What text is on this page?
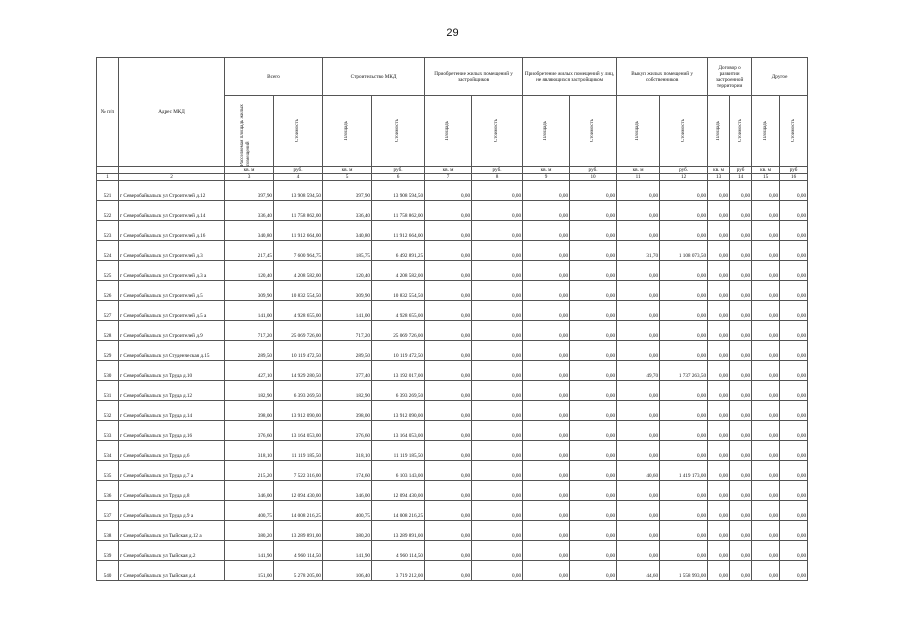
29
№ п/п	Адрес МКД	Всего		Строительство МКД		Приобретение жилых помещений у застройщиков		Приобретение жилых помещений у лиц, не являющихся застройщиком		Выкуп жилых помещений у собственников		Договор о развитии застроенной территории		Другое	

		Расселяемая площадь жилых помещений	Стоимость	Площадь	Стоимость	Площадь	Стоимость	Площадь	Стоимость	Площадь	Стоимость	Площадь	Стоимость	Площадь	Стоимость

		кв. м	руб.	кв. м	руб.	кв. м	руб.	кв. м	руб.	кв. м	руб.	кв. м	руб	кв. м	руб
1	2	3	4	5	6	7	8	9	10	11	12	13	14	15	16
521	г Северобайкальск ул Строителей д.12	397,90	13 908 594,50	397,90	13 908 594,50	0,00	0,00	0,00	0,00	0,00	0,00	0,00	0,00	0,00	0,00
522	г Северобайкальск ул Строителей д.14	336,40	11 758 862,00	336,40	11 758 862,00	0,00	0,00	0,00	0,00	0,00	0,00	0,00	0,00	0,00	0,00
523	г Северобайкальск ул Строителей д.16	340,80	11 912 664,00	340,80	11 912 664,00	0,00	0,00	0,00	0,00	0,00	0,00	0,00	0,00	0,00	0,00
524	г Северобайкальск ул Строителей д.3	217,45	7 600 964,75	185,75	6 492 891,25	0,00	0,00	0,00	0,00	31,70	1 108 073,50	0,00	0,00	0,00	0,00
525	г Северобайкальск ул Строителей д.3 а	120,40	4 208 582,00	120,40	4 208 582,00	0,00	0,00	0,00	0,00	0,00	0,00	0,00	0,00	0,00	0,00
526	г Северобайкальск ул Строителей д.5	309,90	10 832 554,50	309,90	10 832 554,50	0,00	0,00	0,00	0,00	0,00	0,00	0,00	0,00	0,00	0,00
527	г Северобайкальск ул Строителей д.5 а	141,00	4 928 655,00	141,00	4 928 655,00	0,00	0,00	0,00	0,00	0,00	0,00	0,00	0,00	0,00	0,00
528	г Северобайкальск ул Строителей д.9	717,20	25 069 726,00	717,20	25 069 726,00	0,00	0,00	0,00	0,00	0,00	0,00	0,00	0,00	0,00	0,00
529	г Северобайкальск ул Студенческая д.15	289,50	10 119 472,50	289,50	10 119 472,50	0,00	0,00	0,00	0,00	0,00	0,00	0,00	0,00	0,00	0,00
530	г Северобайкальск ул Труда д.10	427,10	14 929 280,50	377,40	13 192 017,00	0,00	0,00	0,00	0,00	49,70	1 737 263,50	0,00	0,00	0,00	0,00
531	г Северобайкальск ул Труда д.12	182,90	6 393 269,50	182,90	6 393 269,50	0,00	0,00	0,00	0,00	0,00	0,00	0,00	0,00	0,00	0,00
532	г Северобайкальск ул Труда д.14	398,00	13 912 090,00	398,00	13 912 090,00	0,00	0,00	0,00	0,00	0,00	0,00	0,00	0,00	0,00	0,00
533	г Северобайкальск ул Труда д.16	376,60	13 164 053,00	376,60	13 164 053,00	0,00	0,00	0,00	0,00	0,00	0,00	0,00	0,00	0,00	0,00
534	г Северобайкальск ул Труда д.6	318,10	11 119 185,50	318,10	11 119 185,50	0,00	0,00	0,00	0,00	0,00	0,00	0,00	0,00	0,00	0,00
535	г Северобайкальск ул Труда д.7 а	215,20	7 522 316,00	174,60	6 103 143,00	0,00	0,00	0,00	0,00	40,60	1 419 173,00	0,00	0,00	0,00	0,00
536	г Северобайкальск ул Труда д.8	346,00	12 094 430,00	346,00	12 094 430,00	0,00	0,00	0,00	0,00	0,00	0,00	0,00	0,00	0,00	0,00
537	г Северобайкальск ул Труда д.9 а	400,75	14 008 216,25	400,75	14 008 216,25	0,00	0,00	0,00	0,00	0,00	0,00	0,00	0,00	0,00	0,00
538	г Северобайкальск ул Тыйская д.12 а	380,20	13 289 891,00	380,20	13 289 891,00	0,00	0,00	0,00	0,00	0,00	0,00	0,00	0,00	0,00	0,00
539	г Северобайкальск ул Тыйская д.2	141,90	4 960 114,50	141,90	4 960 114,50	0,00	0,00	0,00	0,00	0,00	0,00	0,00	0,00	0,00	0,00
540	г Северобайкальск ул Тыйская д.4	151,00	5 278 205,00	106,40	3 719 212,00	0,00	0,00	0,00	0,00	44,60	1 558 993,00	0,00	0,00	0,00	0,00
